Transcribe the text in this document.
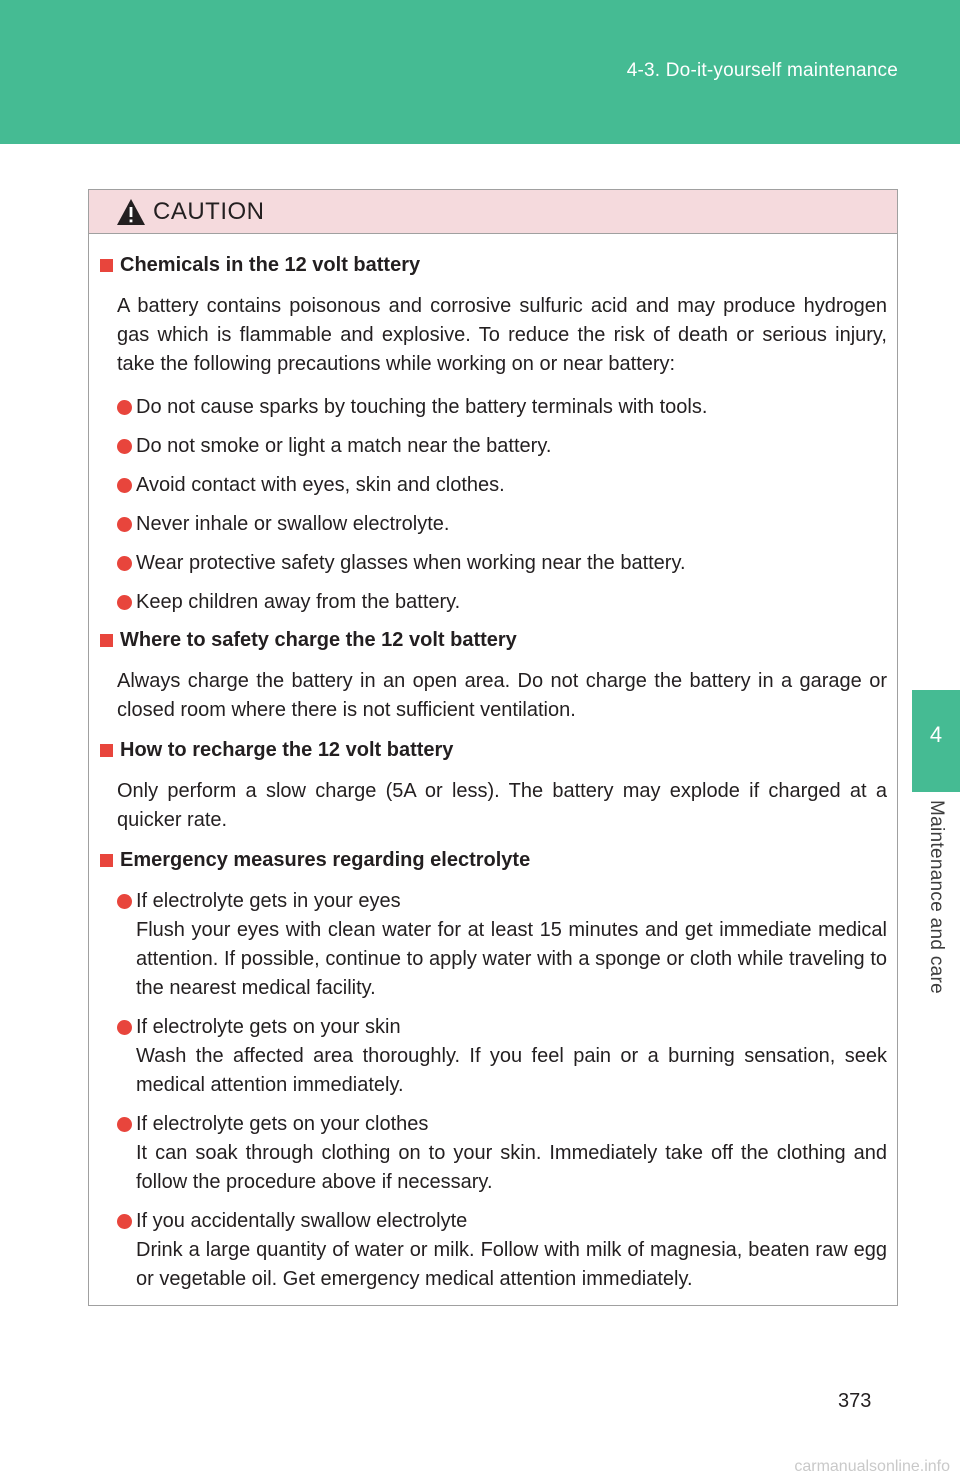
4-3. Do-it-yourself maintenance
4
Maintenance and care
CAUTION
Chemicals in the 12 volt battery
A battery contains poisonous and corrosive sulfuric acid and may produce hydrogen gas which is flammable and explosive. To reduce the risk of death or serious injury, take the following precautions while working on or near battery:
Do not cause sparks by touching the battery terminals with tools.
Do not smoke or light a match near the battery.
Avoid contact with eyes, skin and clothes.
Never inhale or swallow electrolyte.
Wear protective safety glasses when working near the battery.
Keep children away from the battery.
Where to safety charge the 12 volt battery
Always charge the battery in an open area. Do not charge the battery in a garage or closed room where there is not sufficient ventilation.
How to recharge the 12 volt battery
Only perform a slow charge (5A or less). The battery may explode if charged at a quicker rate.
Emergency measures regarding electrolyte
If electrolyte gets in your eyes
Flush your eyes with clean water for at least 15 minutes and get immediate medical attention. If possible, continue to apply water with a sponge or cloth while traveling to the nearest medical facility.
If electrolyte gets on your skin
Wash the affected area thoroughly. If you feel pain or a burning sensation, seek medical attention immediately.
If electrolyte gets on your clothes
It can soak through clothing on to your skin. Immediately take off the clothing and follow the procedure above if necessary.
If you accidentally swallow electrolyte
Drink a large quantity of water or milk. Follow with milk of magnesia, beaten raw egg or vegetable oil. Get emergency medical attention immediately.
373
carmanualsonline.info
